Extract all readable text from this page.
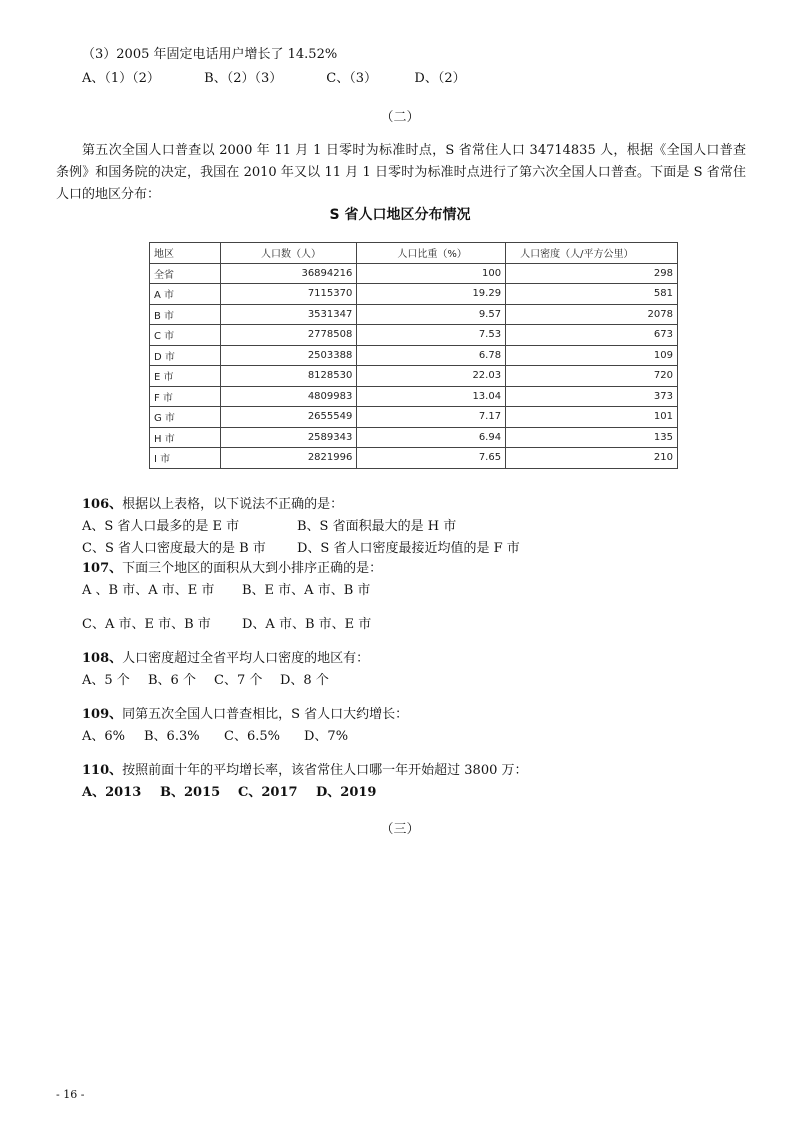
（3）2005 年固定电话用户增长了 14.52%
A、（1）（2）	B、（2）（3）	C、（3）	D、（2）
（二）
第五次全国人口普查以 2000 年 11 月 1 日零时为标准时点，S 省常住人口 34714835 人，根据《全国人口普查条例》和国务院的决定，我国在 2010 年又以 11 月 1 日零时为标准时点进行了第六次全国人口普查。下面是 S 省常住人口的地区分布：
S 省人口地区分布情况
地区	人口数（人）	人口比重（%）	人口密度（人/平方公里）
全省	36894216	100	298
A 市	7115370	19.29	581
B 市	3531347	9.57	2078
C 市	2778508	7.53	673
D 市	2503388	6.78	109
E 市	8128530	22.03	720
F 市	4809983	13.04	373
G 市	2655549	7.17	101
H 市	2589343	6.94	135
I 市	2821996	7.65	210
106、根据以上表格，以下说法不正确的是：
A、S 省人口最多的是 E 市	B、S 省面积最大的是 H 市
C、S 省人口密度最大的是 B 市 D、S 省人口密度最接近均值的是 F 市
107、下面三个地区的面积从大到小排序正确的是：
A 、B 市、A 市、E 市 B、E 市、A 市、B 市
C、A 市、E 市、B 市 D、A 市、B 市、E 市
108、人口密度超过全省平均人口密度的地区有：
A、5 个 B、6 个 C、7 个 D、8 个
109、同第五次全国人口普查相比，S 省人口大约增长：
A、6% B、6.3% C、6.5% D、7%
110、按照前面十年的平均增长率，该省常住人口哪一年开始超过 3800 万：
A、2013 B、2015 C、2017 D、2019
（三）
- 16 -
